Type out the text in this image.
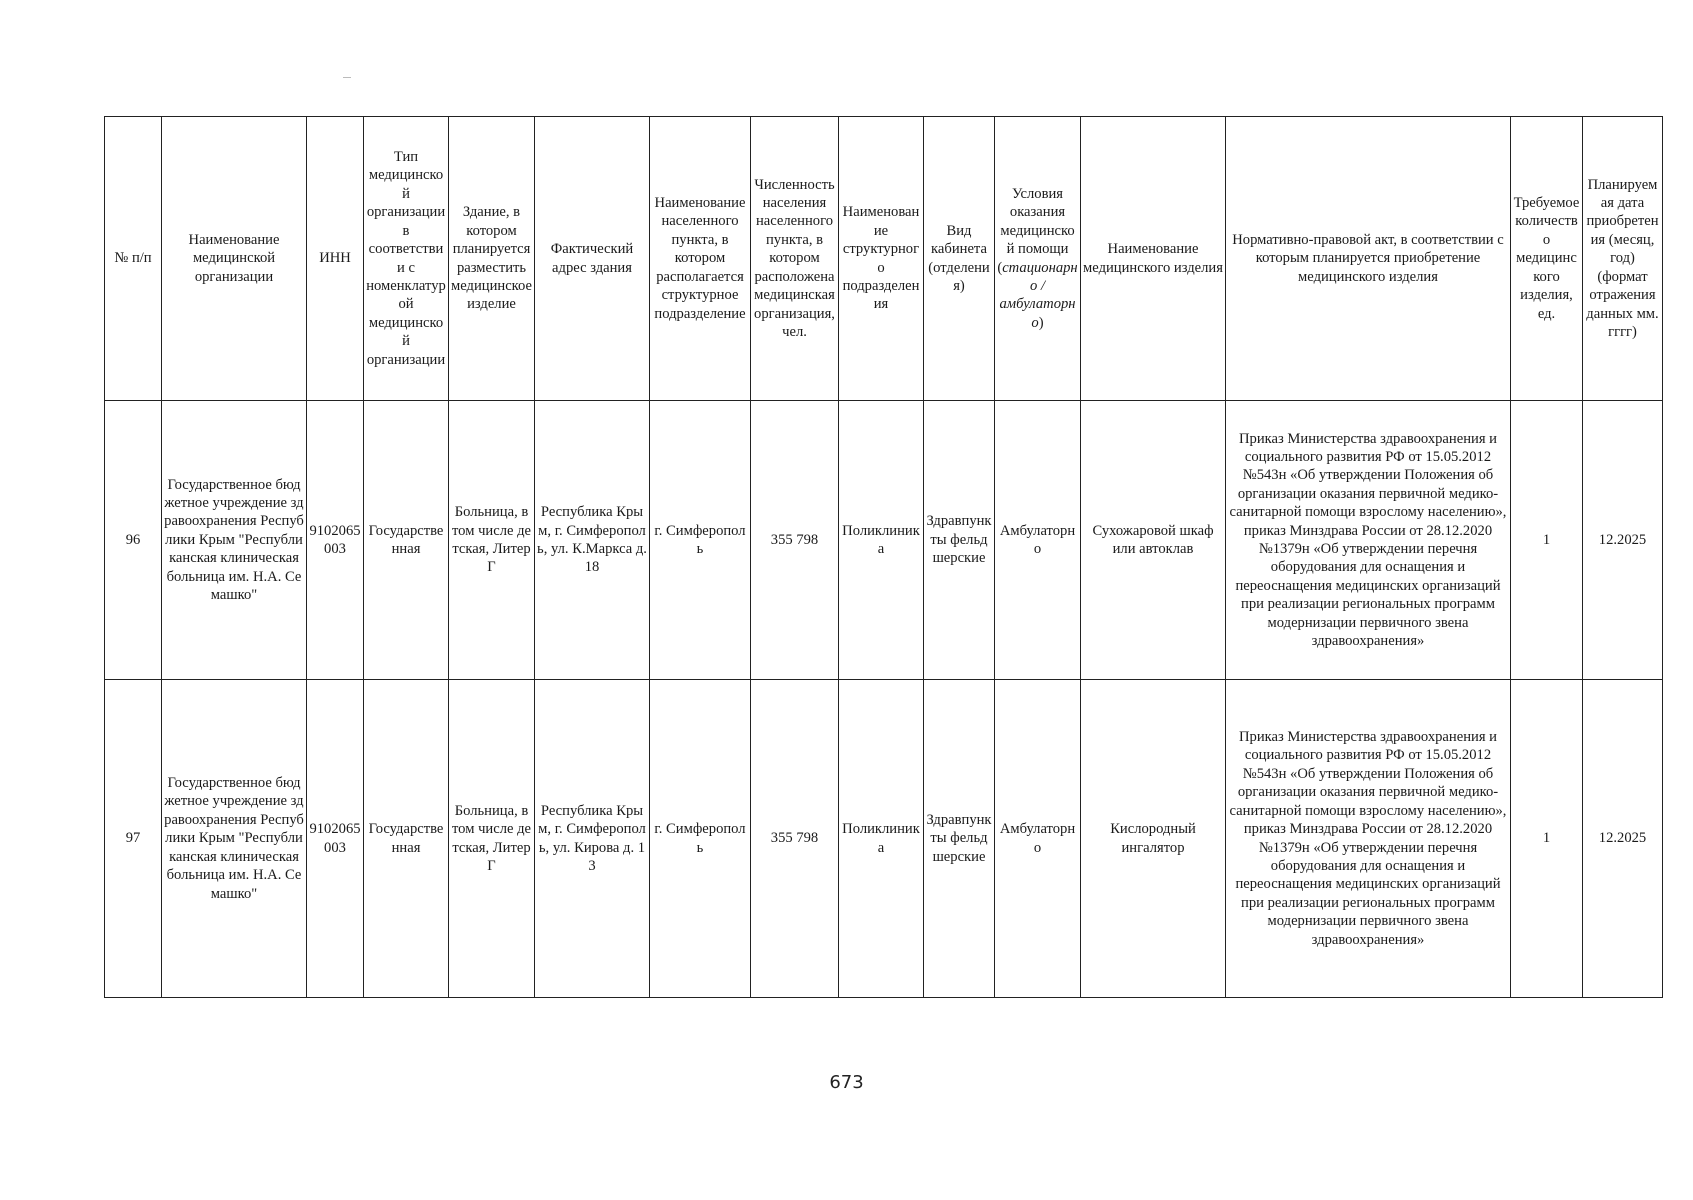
№ п/п	Наименование медицинской организации	ИНН	Тип медицинской организации в соответствии с номенклатурой медицинской организации	Здание, в котором планируется разместить медицинское изделие	Фактический адрес здания	Наименование населенного пункта, в котором располагается структурное подразделение	Численность населения населенного пункта, в котором расположена медицинская организация, чел.	Наименование структурного подразделения	Вид кабинета (отделения)	Условия оказания медицинской помощи (стационарно / амбулаторно)	Наименование медицинского изделия	Нормативно-правовой акт, в соответствии с которым планируется приобретение медицинского изделия	Требуемое количество медицинского изделия, ед.	Планируемая дата приобретения (месяц, год) (формат отражения данных мм. гггг)
96	Государственное бюджетное учреждение здравоохранения Республики Крым "Республиканская клиническая больница им. Н.А. Семашко"	9102065003	Государственная	Больница, в том числе детская, Литер Г	Республика Крым, г. Симферополь, ул. К.Маркса д.18	г. Симферополь	355 798	Поликлиника	Здравпункты фельдшерские	Амбулаторно	Сухожаровой шкаф или автоклав	Приказ Министерства здравоохранения и социального развития РФ от 15.05.2012 №543н «Об утверждении Положения об организации оказания первичной медико-санитарной помощи взрослому населению», приказ Минздрава России от 28.12.2020 №1379н «Об утверждении перечня оборудования для оснащения и переоснащения медицинских организаций при реализации региональных программ модернизации первичного звена здравоохранения»	1	12.2025
97	Государственное бюджетное учреждение здравоохранения Республики Крым "Республиканская клиническая больница им. Н.А. Семашко"	9102065003	Государственная	Больница, в том числе детская, Литер Г	Республика Крым, г. Симферополь, ул. Кирова д. 13	г. Симферополь	355 798	Поликлиника	Здравпункты фельдшерские	Амбулаторно	Кислородный ингалятор	Приказ Министерства здравоохранения и социального развития РФ от 15.05.2012 №543н «Об утверждении Положения об организации оказания первичной медико-санитарной помощи взрослому населению», приказ Минздрава России от 28.12.2020 №1379н «Об утверждении перечня оборудования для оснащения и переоснащения медицинских организаций при реализации региональных программ модернизации первичного звена здравоохранения»	1	12.2025
673
